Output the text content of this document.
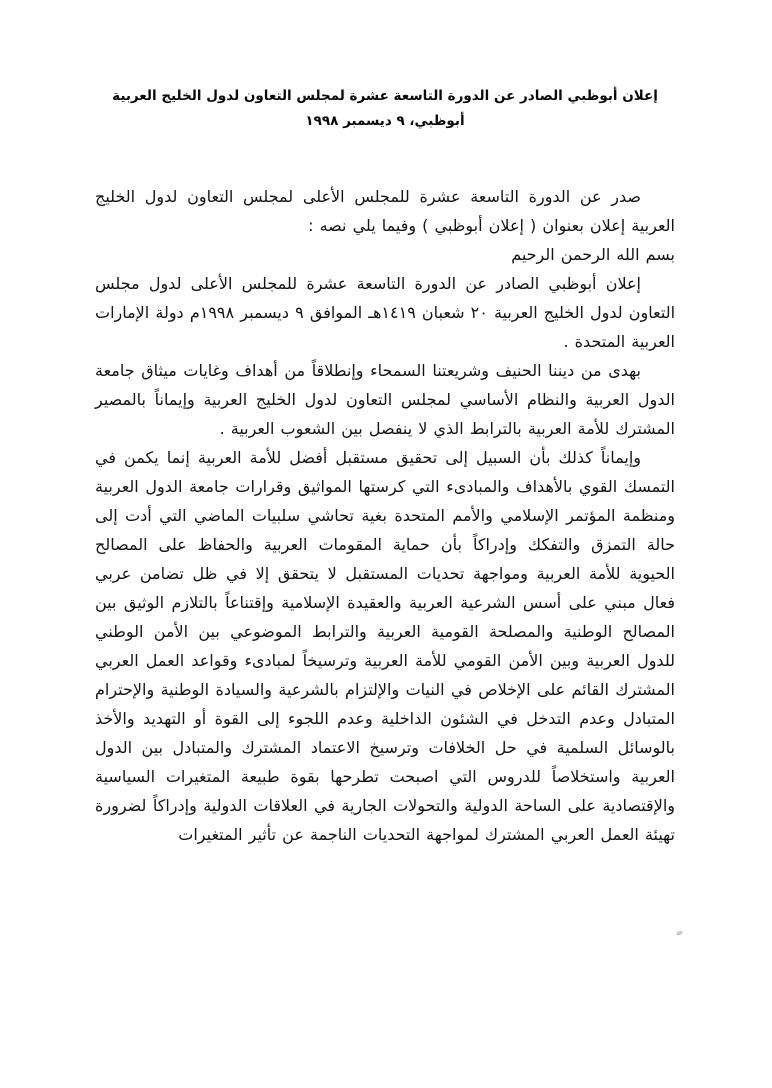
إعلان أبوظبي الصادر عن الدورة التاسعة عشرة لمجلس التعاون لدول الخليج العربية
أبوظبي، ٩ ديسمبر ١٩٩٨

صدر عن الدورة التاسعة عشرة للمجلس الأعلى لمجلس التعاون لدول الخليج العربية إعلان بعنوان ( إعلان أبوظبي ) وفيما يلي نصه :

بسم الله الرحمن الرحيم

إعلان أبوظبي الصادر عن الدورة التاسعة عشرة للمجلس الأعلى لدول مجلس التعاون لدول الخليج العربية ٢٠ شعبان ١٤١٩هـ الموافق ٩ ديسمبر ١٩٩٨م دولة الإمارات العربية المتحدة .

بهدى من ديننا الحنيف وشريعتنا السمحاء وإنطلاقاً من أهداف وغايات ميثاق جامعة الدول العربية والنظام الأساسي لمجلس التعاون لدول الخليج العربية وإيماناً بالمصير المشترك للأمة العربية بالترابط الذي لا ينفصل بين الشعوب العربية .

وإيماناً كذلك بأن السبيل إلى تحقيق مستقبل أفضل للأمة العربية إنما يكمن في التمسك القوي بالأهداف والمبادىء التي كرستها المواثيق وقرارات جامعة الدول العربية ومنظمة المؤتمر الإسلامي والأمم المتحدة بغية تحاشي سلبيات الماضي التي أدت إلى حالة التمزق والتفكك وإدراكاً بأن حماية المقومات العربية والحفاظ على المصالح الحيوية للأمة العربية ومواجهة تحديات المستقبل لا يتحقق إلا في ظل تضامن عربي فعال مبني على أسس الشرعية العربية والعقيدة الإسلامية وإقتناعاً بالتلازم الوثيق بين المصالح الوطنية والمصلحة القومية العربية والترابط الموضوعي بين الأمن الوطني للدول العربية وبين الأمن القومي للأمة العربية وترسيخاً لمبادىء وقواعد العمل العربي المشترك القائم على الإخلاص في النيات والإلتزام بالشرعية والسيادة الوطنية والإحترام المتبادل وعدم التدخل في الشئون الداخلية وعدم اللجوء إلى القوة أو التهديد والأخذ بالوسائل السلمية في حل الخلافات وترسيخ الاعتماد المشترك والمتبادل بين الدول العربية واستخلاصاً للدروس التي اصبحت تطرحها بقوة طبيعة المتغيرات السياسية والإقتصادية على الساحة الدولية والتحولات الجارية في العلاقات الدولية وإدراكاً لضرورة تهيئة العمل العربي المشترك لمواجهة التحديات الناجمة عن تأثير المتغيرات
